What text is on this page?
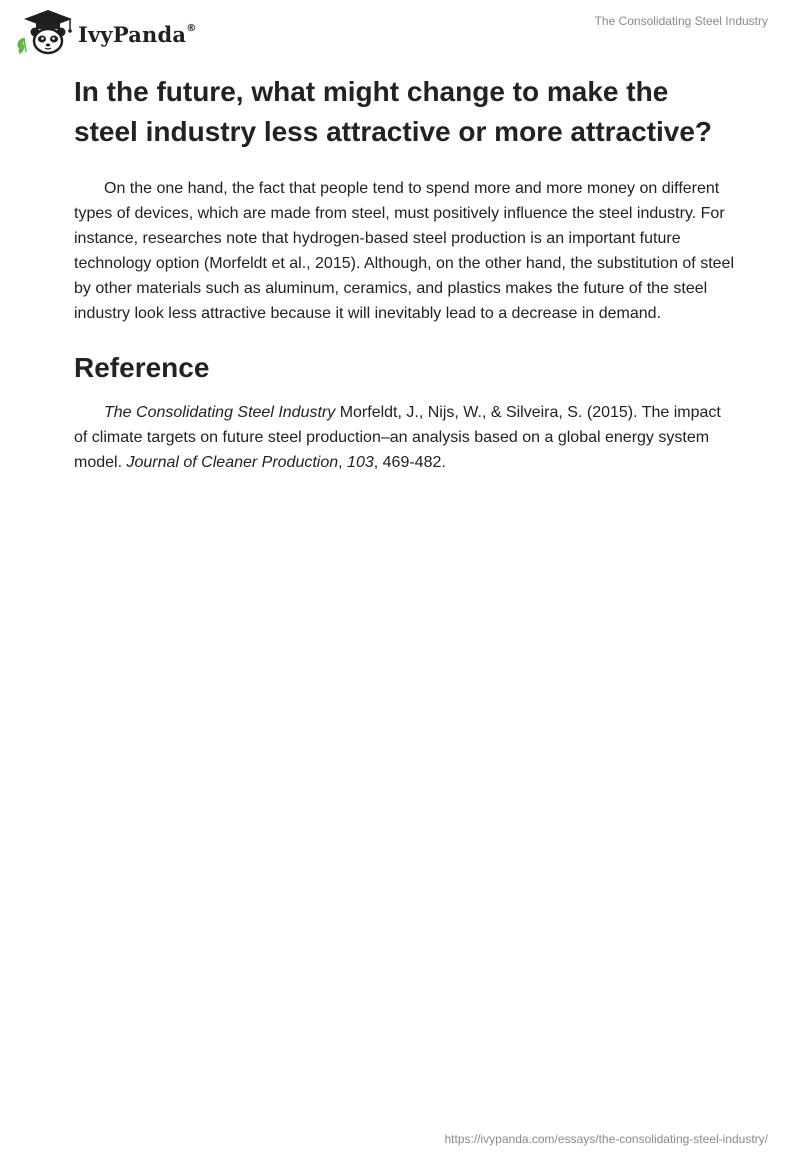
IvyPanda®	The Consolidating Steel Industry
In the future, what might change to make the steel industry less attractive or more attractive?

On the one hand, the fact that people tend to spend more and more money on different types of devices, which are made from steel, must positively influence the steel industry. For instance, researches note that hydrogen-based steel production is an important future technology option (Morfeldt et al., 2015). Although, on the other hand, the substitution of steel by other materials such as aluminum, ceramics, and plastics makes the future of the steel industry look less attractive because it will inevitably lead to a decrease in demand.

Reference

The Consolidating Steel Industry Morfeldt, J., Nijs, W., & Silveira, S. (2015). The impact of climate targets on future steel production–an analysis based on a global energy system model. Journal of Cleaner Production, 103, 469-482.

https://ivypanda.com/essays/the-consolidating-steel-industry/
